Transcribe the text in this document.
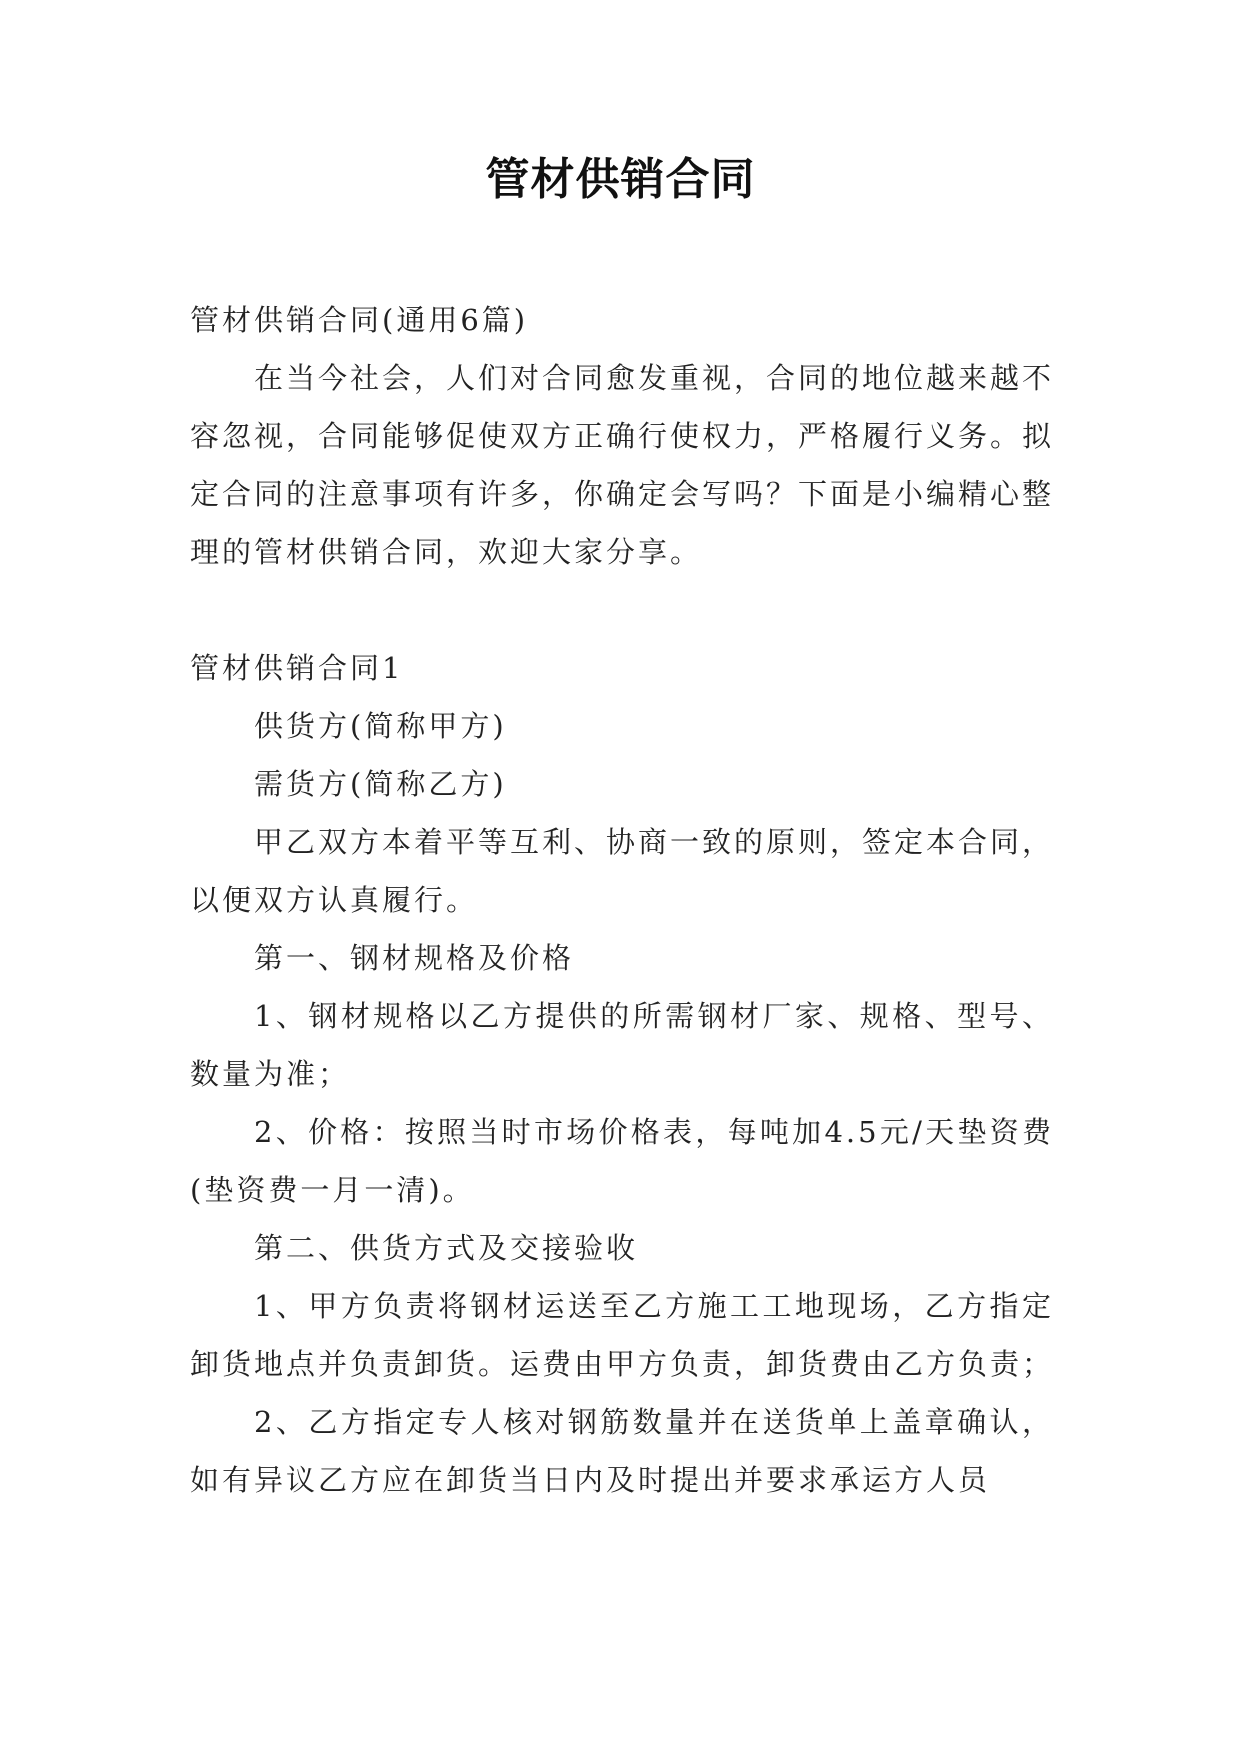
管材供销合同

管材供销合同(通用6篇)

在当今社会，人们对合同愈发重视，合同的地位越来越不容忽视，合同能够促使双方正确行使权力，严格履行义务。拟定合同的注意事项有许多，你确定会写吗？下面是小编精心整理的管材供销合同，欢迎大家分享。

管材供销合同1

供货方(简称甲方)

需货方(简称乙方)

甲乙双方本着平等互利、协商一致的原则，签定本合同，以便双方认真履行。

第一、钢材规格及价格

1、钢材规格以乙方提供的所需钢材厂家、规格、型号、数量为准；

2、价格：按照当时市场价格表，每吨加4.5元/天垫资费(垫资费一月一清)。

第二、供货方式及交接验收

1、甲方负责将钢材运送至乙方施工工地现场，乙方指定卸货地点并负责卸货。运费由甲方负责，卸货费由乙方负责；

2、乙方指定专人核对钢筋数量并在送货单上盖章确认，如有异议乙方应在卸货当日内及时提出并要求承运方人员
